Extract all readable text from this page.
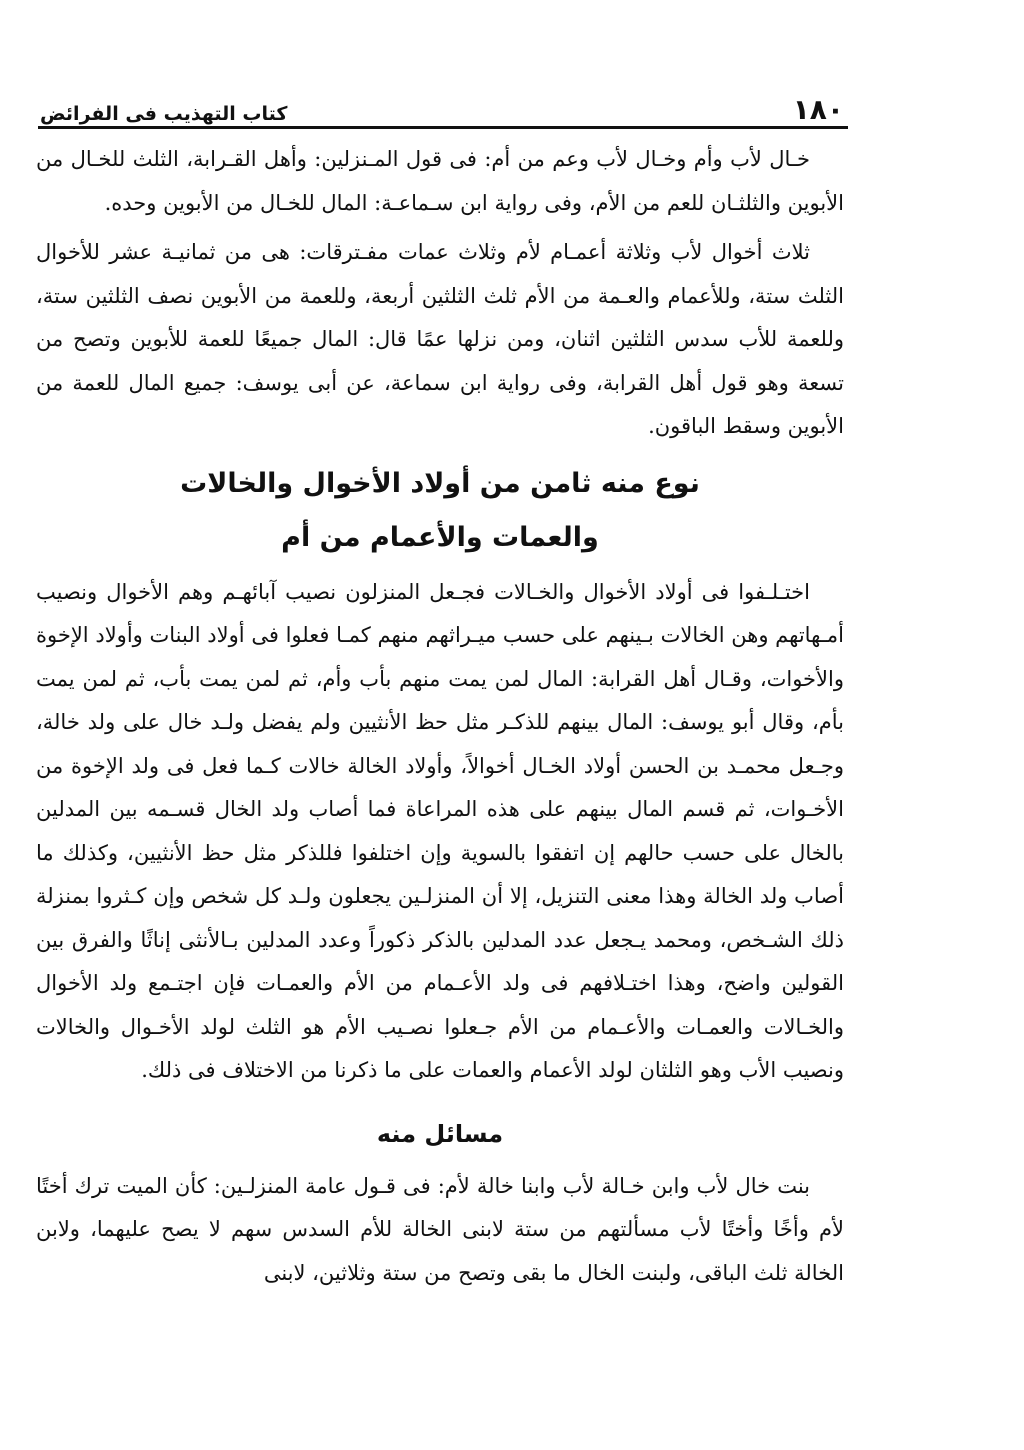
١٨٠
كتاب التهذيب فى الفرائض

خـال لأب وأم وخـال لأب وعم من أم: فى قول المـنزلين: وأهل القـرابة، الثلث للخـال من الأبوين والثلثـان للعم من الأم، وفى رواية ابن سـماعـة: المال للخـال من الأبوين وحده.

ثلاث أخوال لأب وثلاثة أعمـام لأم وثلاث عمات مفـترقات: هى من ثمانيـة عشر للأخوال الثلث ستة، وللأعمام والعـمة من الأم ثلث الثلثين أربعة، وللعمة من الأبوين نصف الثلثين ستة، وللعمة للأب سدس الثلثين اثنان، ومن نزلها عمًا قال: المال جميعًا للعمة للأبوين وتصح من تسعة وهو قول أهل القرابة، وفى رواية ابن سماعة، عن أبى يوسف: جميع المال للعمة من الأبوين وسقط الباقون.

نوع منه ثامن من أولاد الأخوال والخالات

والعمات والأعمام من أم

اختـلـفوا فى أولاد الأخوال والخـالات فجـعل المنزلون نصيب آبائهـم وهم الأخوال ونصيب أمـهاتهم وهن الخالات بـينهم على حسب ميـراثهم منهم كمـا فعلوا فى أولاد البنات وأولاد الإخوة والأخوات، وقـال أهل القرابة: المال لمن يمت منهم بأب وأم، ثم لمن يمت بأب، ثم لمن يمت بأم، وقال أبو يوسف: المال بينهم للذكـر مثل حظ الأنثيين ولم يفضل ولـد خال على ولد خالة، وجـعل محمـد بن الحسن أولاد الخـال أخوالاً، وأولاد الخالة خالات كـما فعل فى ولد الإخوة من الأخـوات، ثم قسم المال بينهم على هذه المراعاة فما أصاب ولد الخال قسـمه بين المدلين بالخال على حسب حالهم إن اتفقوا بالسوية وإن اختلفوا فللذكر مثل حظ الأنثيين، وكذلك ما أصاب ولد الخالة وهذا معنى التنزيل، إلا أن المنزلـين يجعلون ولـد كل شخص وإن كـثروا بمنزلة ذلك الشـخص، ومحمد يـجعل عدد المدلين بالذكر ذكوراً وعدد المدلين بـالأنثى إناثًا والفرق بين القولين واضح، وهذا اختـلافهم فى ولد الأعـمام من الأم والعمـات فإن اجتـمع ولد الأخوال والخـالات والعمـات والأعـمام من الأم جـعلوا نصـيب الأم هو الثلث لولد الأخـوال والخالات ونصيب الأب وهو الثلثان لولد الأعمام والعمات على ما ذكرنا من الاختلاف فى ذلك.

مسائل منه

بنت خال لأب وابن خـالة لأب وابنا خالة لأم: فى قـول عامة المنزلـين: كأن الميت ترك أختًا لأم وأخًا وأختًا لأب مسألتهم من ستة لابنى الخالة للأم السدس سهم لا يصح عليهما، ولابن الخالة ثلث الباقى، ولبنت الخال ما بقى وتصح من ستة وثلاثين، لابنى
